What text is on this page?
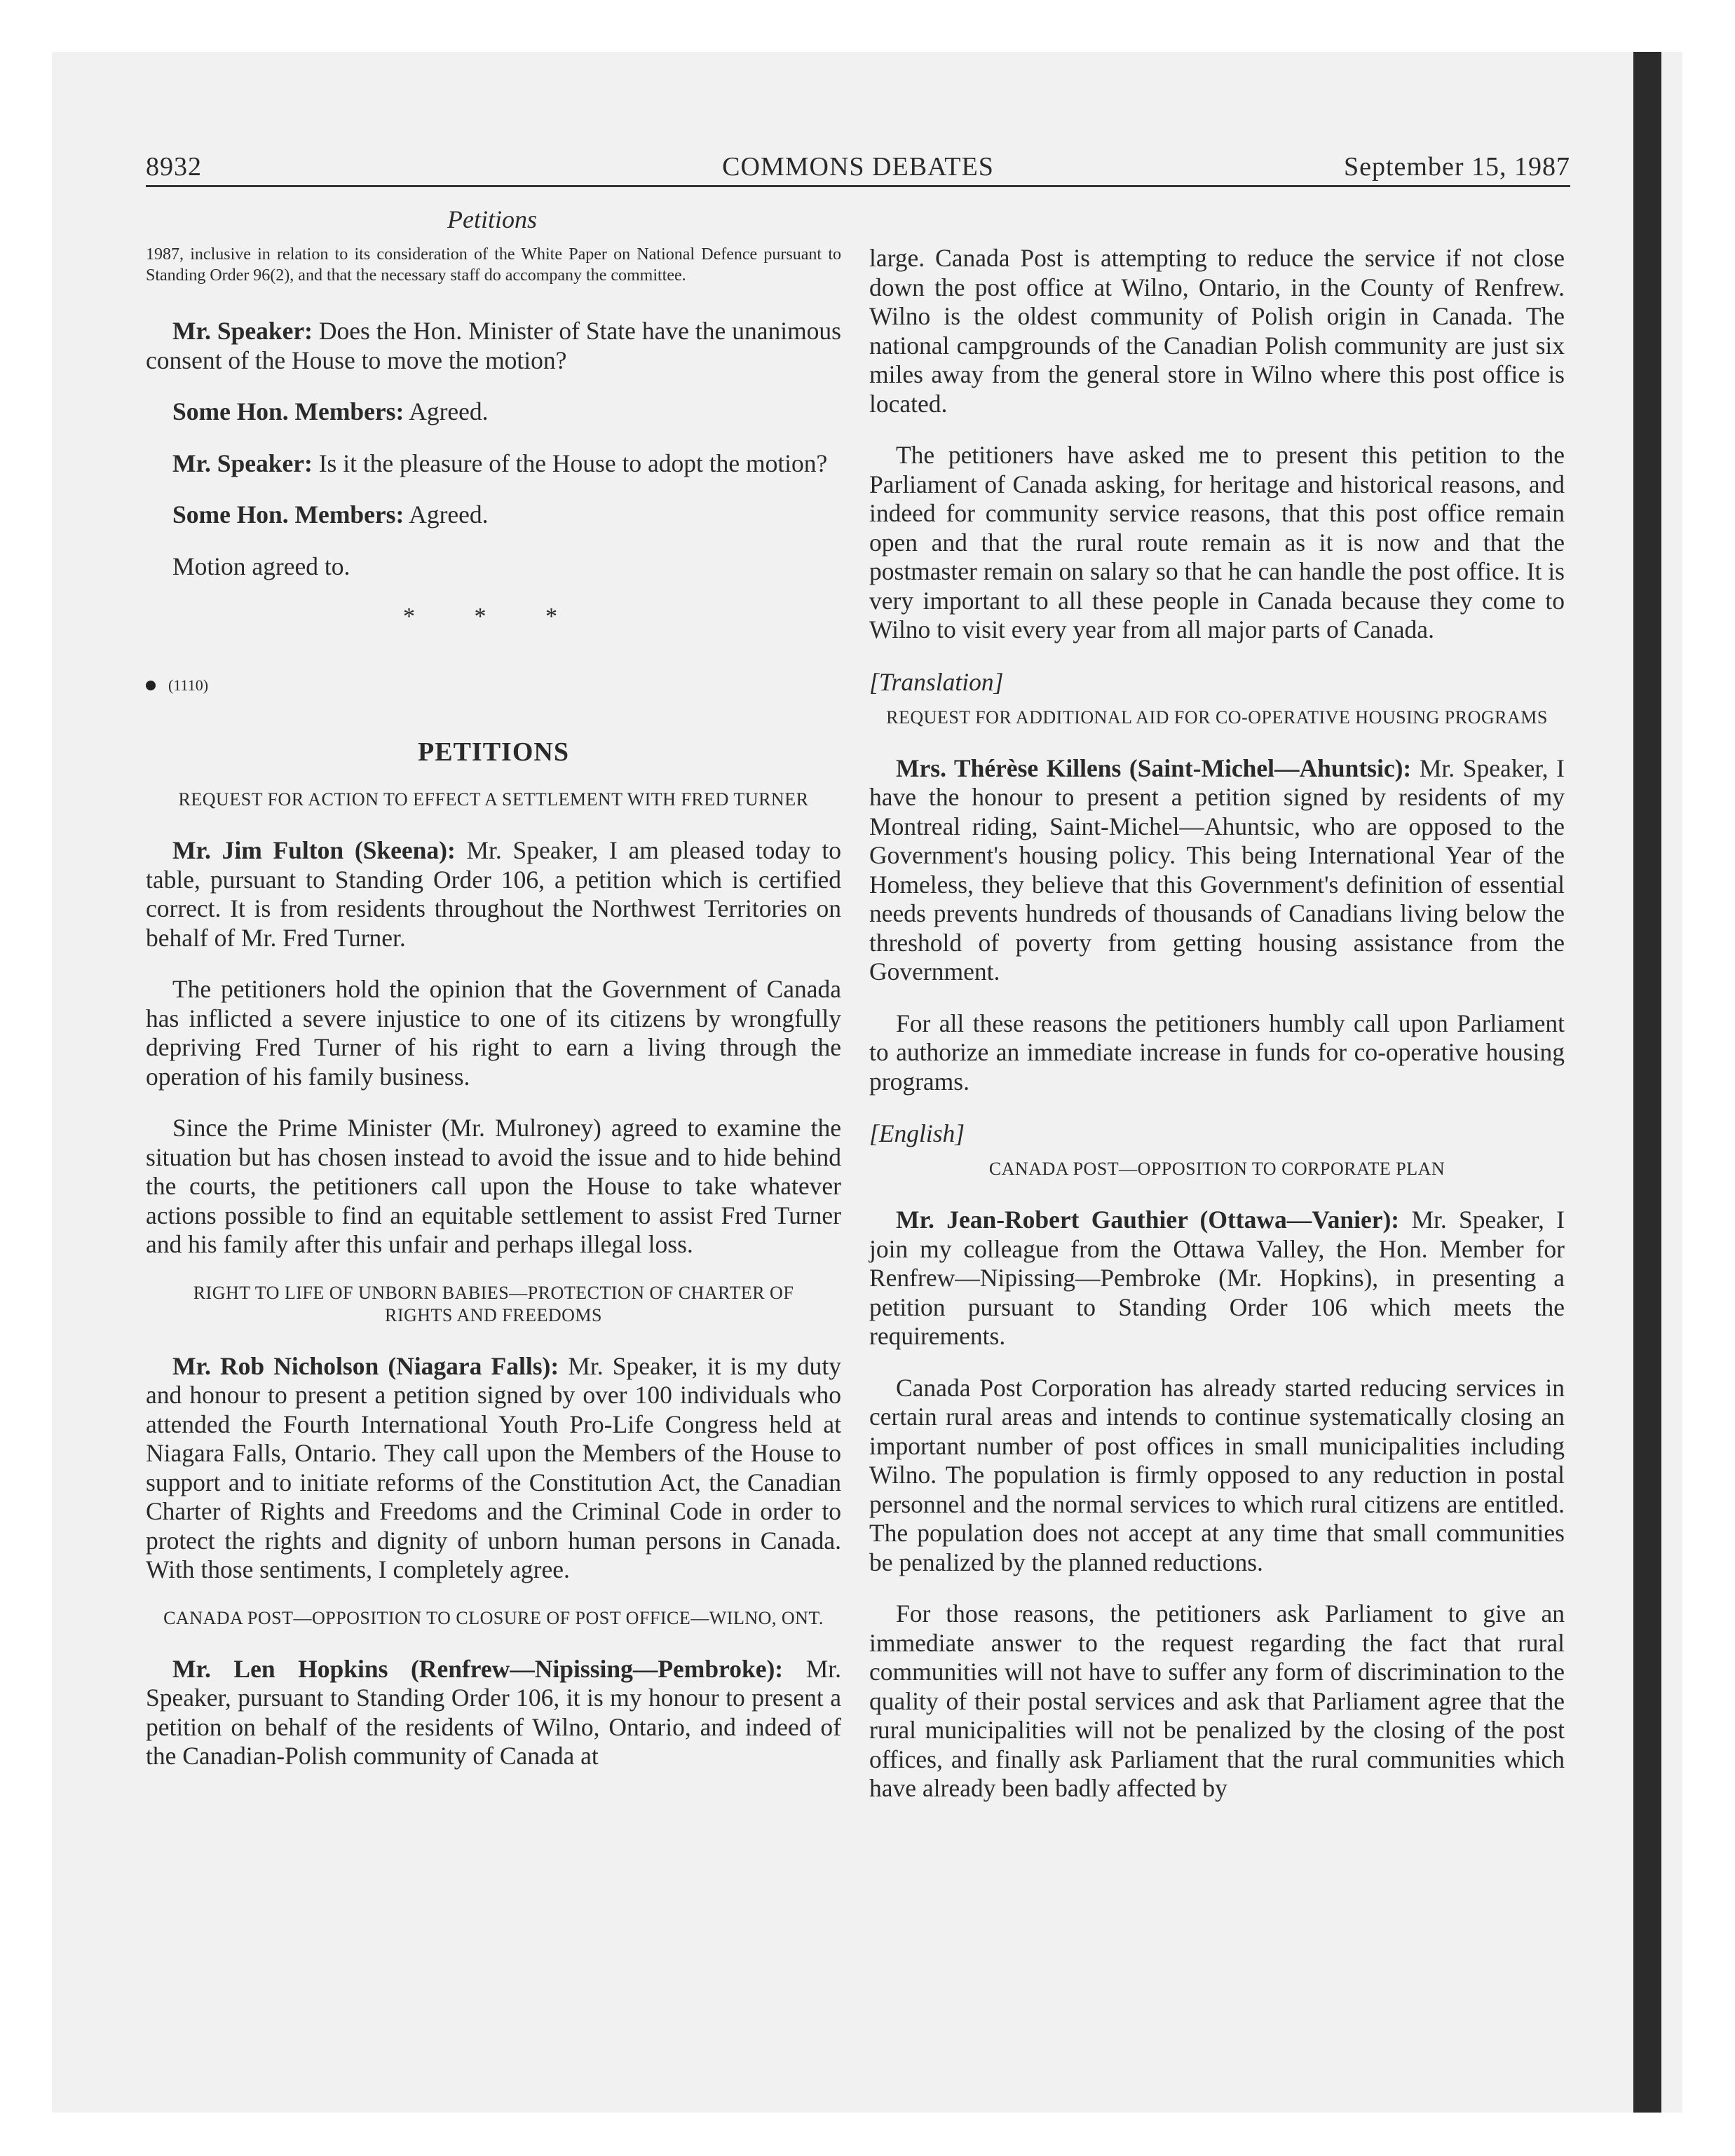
8932	COMMONS DEBATES	September 15, 1987
Petitions

1987, inclusive in relation to its consideration of the White Paper on National Defence pursuant to Standing Order 96(2), and that the necessary staff do accompany the committee.

Mr. Speaker: Does the Hon. Minister of State have the unanimous consent of the House to move the motion?

Some Hon. Members: Agreed.

Mr. Speaker: Is it the pleasure of the House to adopt the motion?

Some Hon. Members: Agreed.

Motion agreed to.

* * *
(1110)
PETITIONS
REQUEST FOR ACTION TO EFFECT A SETTLEMENT WITH FRED TURNER

Mr. Jim Fulton (Skeena): Mr. Speaker, I am pleased today to table, pursuant to Standing Order 106, a petition which is certified correct. It is from residents throughout the Northwest Territories on behalf of Mr. Fred Turner.

The petitioners hold the opinion that the Government of Canada has inflicted a severe injustice to one of its citizens by wrongfully depriving Fred Turner of his right to earn a living through the operation of his family business.

Since the Prime Minister (Mr. Mulroney) agreed to examine the situation but has chosen instead to avoid the issue and to hide behind the courts, the petitioners call upon the House to take whatever actions possible to find an equitable settlement to assist Fred Turner and his family after this unfair and perhaps illegal loss.

RIGHT TO LIFE OF UNBORN BABIES—PROTECTION OF CHARTER OF RIGHTS AND FREEDOMS

Mr. Rob Nicholson (Niagara Falls): Mr. Speaker, it is my duty and honour to present a petition signed by over 100 individuals who attended the Fourth International Youth Pro-Life Congress held at Niagara Falls, Ontario. They call upon the Members of the House to support and to initiate reforms of the Constitution Act, the Canadian Charter of Rights and Freedoms and the Criminal Code in order to protect the rights and dignity of unborn human persons in Canada. With those sentiments, I completely agree.

CANADA POST—OPPOSITION TO CLOSURE OF POST OFFICE—WILNO, ONT.

Mr. Len Hopkins (Renfrew—Nipissing—Pembroke): Mr. Speaker, pursuant to Standing Order 106, it is my honour to present a petition on behalf of the residents of Wilno, Ontario, and indeed of the Canadian-Polish community of Canada at

large. Canada Post is attempting to reduce the service if not close down the post office at Wilno, Ontario, in the County of Renfrew. Wilno is the oldest community of Polish origin in Canada. The national campgrounds of the Canadian Polish community are just six miles away from the general store in Wilno where this post office is located.

The petitioners have asked me to present this petition to the Parliament of Canada asking, for heritage and historical reasons, and indeed for community service reasons, that this post office remain open and that the rural route remain as it is now and that the postmaster remain on salary so that he can handle the post office. It is very important to all these people in Canada because they come to Wilno to visit every year from all major parts of Canada.

[Translation]
REQUEST FOR ADDITIONAL AID FOR CO-OPERATIVE HOUSING PROGRAMS

Mrs. Thérèse Killens (Saint-Michel—Ahuntsic): Mr. Speaker, I have the honour to present a petition signed by residents of my Montreal riding, Saint-Michel—Ahuntsic, who are opposed to the Government's housing policy. This being International Year of the Homeless, they believe that this Government's definition of essential needs prevents hundreds of thousands of Canadians living below the threshold of poverty from getting housing assistance from the Government.

For all these reasons the petitioners humbly call upon Parliament to authorize an immediate increase in funds for co-operative housing programs.

[English]
CANADA POST—OPPOSITION TO CORPORATE PLAN

Mr. Jean-Robert Gauthier (Ottawa—Vanier): Mr. Speaker, I join my colleague from the Ottawa Valley, the Hon. Member for Renfrew—Nipissing—Pembroke (Mr. Hopkins), in presenting a petition pursuant to Standing Order 106 which meets the requirements.

Canada Post Corporation has already started reducing services in certain rural areas and intends to continue systematically closing an important number of post offices in small municipalities including Wilno. The population is firmly opposed to any reduction in postal personnel and the normal services to which rural citizens are entitled. The population does not accept at any time that small communities be penalized by the planned reductions.

For those reasons, the petitioners ask Parliament to give an immediate answer to the request regarding the fact that rural communities will not have to suffer any form of discrimination to the quality of their postal services and ask that Parliament agree that the rural municipalities will not be penalized by the closing of the post offices, and finally ask Parliament that the rural communities which have already been badly affected by
